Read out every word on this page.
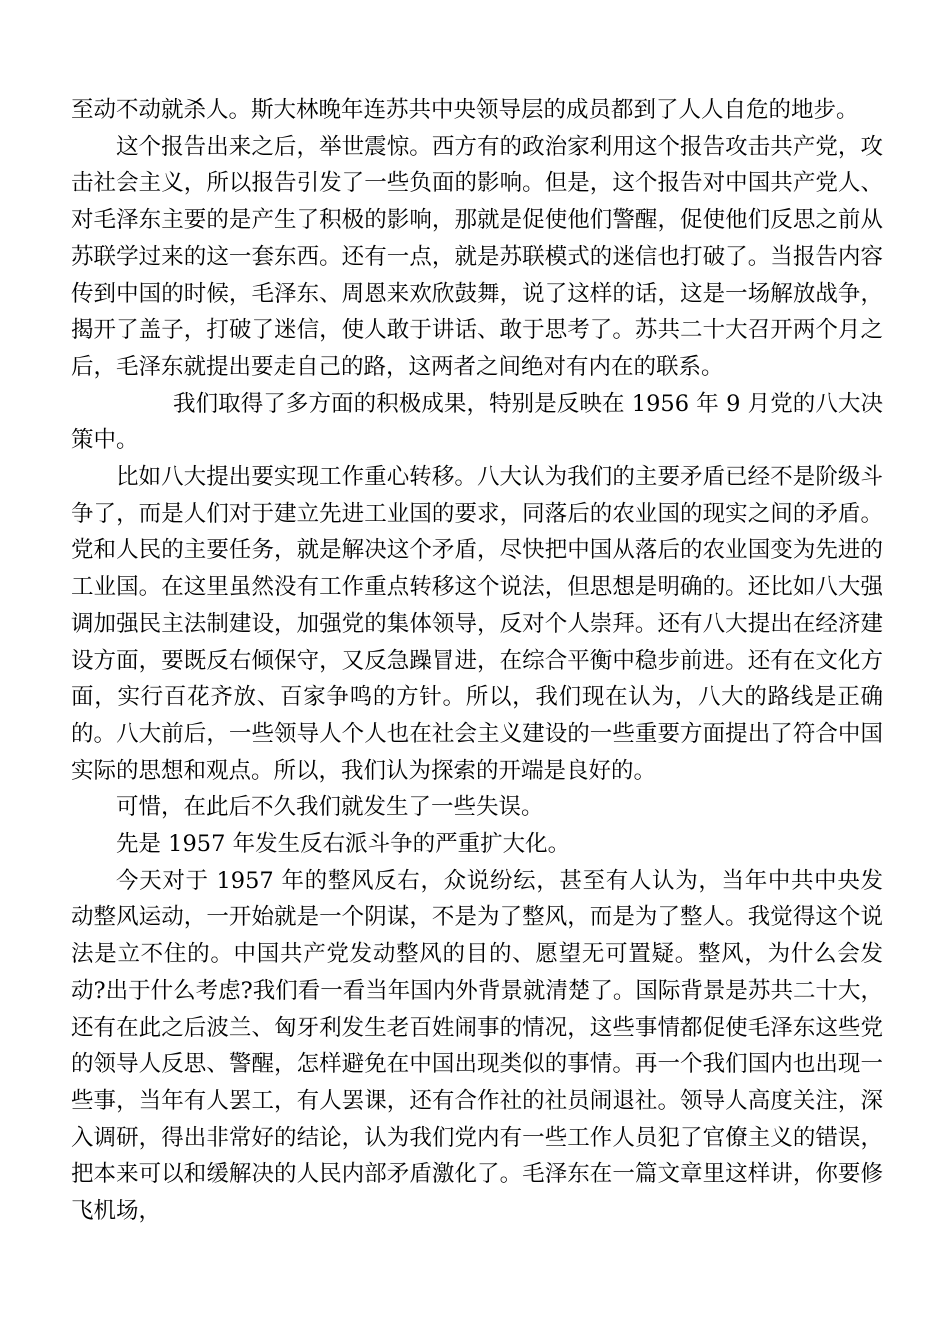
至动不动就杀人。斯大林晚年连苏共中央领导层的成员都到了人人自危的地步。

这个报告出来之后，举世震惊。西方有的政治家利用这个报告攻击共产党，攻击社会主义，所以报告引发了一些负面的影响。但是，这个报告对中国共产党人、对毛泽东主要的是产生了积极的影响，那就是促使他们警醒，促使他们反思之前从苏联学过来的这一套东西。还有一点，就是苏联模式的迷信也打破了。当报告内容传到中国的时候，毛泽东、周恩来欢欣鼓舞，说了这样的话，这是一场解放战争，揭开了盖子，打破了迷信，使人敢于讲话、敢于思考了。苏共二十大召开两个月之后，毛泽东就提出要走自己的路，这两者之间绝对有内在的联系。

我们取得了多方面的积极成果，特别是反映在 1956 年 9 月党的八大决策中。

比如八大提出要实现工作重心转移。八大认为我们的主要矛盾已经不是阶级斗争了，而是人们对于建立先进工业国的要求，同落后的农业国的现实之间的矛盾。党和人民的主要任务，就是解决这个矛盾，尽快把中国从落后的农业国变为先进的工业国。在这里虽然没有工作重点转移这个说法，但思想是明确的。还比如八大强调加强民主法制建设，加强党的集体领导，反对个人崇拜。还有八大提出在经济建设方面，要既反右倾保守，又反急躁冒进，在综合平衡中稳步前进。还有在文化方面，实行百花齐放、百家争鸣的方针。所以，我们现在认为，八大的路线是正确的。八大前后，一些领导人个人也在社会主义建设的一些重要方面提出了符合中国实际的思想和观点。所以，我们认为探索的开端是良好的。

可惜，在此后不久我们就发生了一些失误。

先是 1957 年发生反右派斗争的严重扩大化。

今天对于 1957 年的整风反右，众说纷纭，甚至有人认为，当年中共中央发动整风运动，一开始就是一个阴谋，不是为了整风，而是为了整人。我觉得这个说法是立不住的。中国共产党发动整风的目的、愿望无可置疑。整风，为什么会发动?出于什么考虑?我们看一看当年国内外背景就清楚了。国际背景是苏共二十大，还有在此之后波兰、匈牙利发生老百姓闹事的情况，这些事情都促使毛泽东这些党的领导人反思、警醒，怎样避免在中国出现类似的事情。再一个我们国内也出现一些事，当年有人罢工，有人罢课，还有合作社的社员闹退社。领导人高度关注，深入调研，得出非常好的结论，认为我们党内有一些工作人员犯了官僚主义的错误，把本来可以和缓解决的人民内部矛盾激化了。毛泽东在一篇文章里这样讲，你要修飞机场，
